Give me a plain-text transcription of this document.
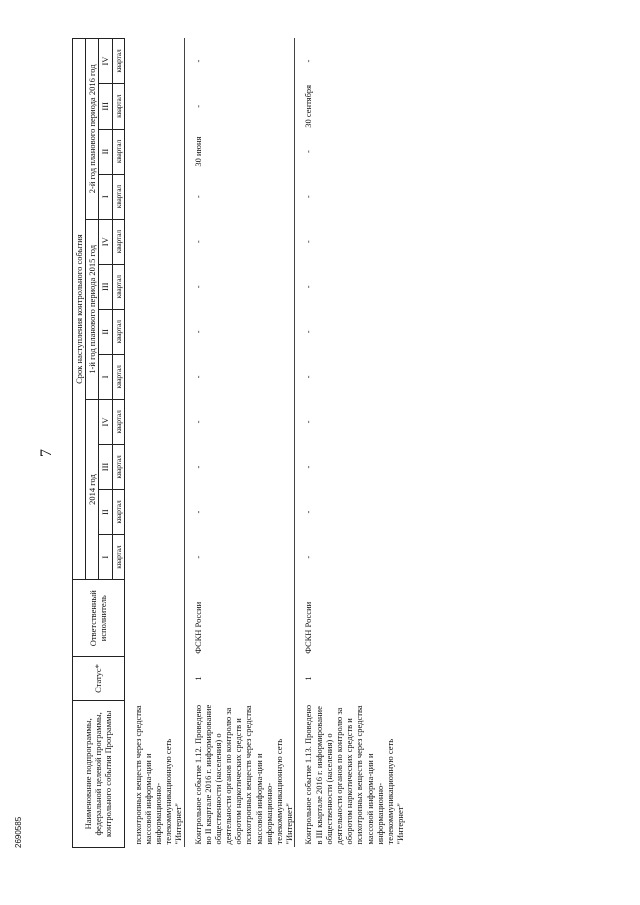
7
Наименование подпрограммы, федеральной целевой программы, контрольного события Программы	Статус*	Ответственный исполнитель	Срок наступления контрольного события											
			2014 год				1-й год планового периода 2015 год				2-й год планового периода 2016 год			
			I	II	III	IV	I	II	III	IV	I	II	III	IV
			квартал	квартал	квартал	квартал	квартал	квартал	квартал	квартал	квартал	квартал	квартал	квартал
психотропных веществ через средства массовой информа-ции и информационно-телекоммуникационную сеть "Интернет"														
Контрольное событие 1.12. Проведено во II квартале 2016 г. информирование общественности (населения) о деятельности органов по контролю за оборотом наркотических средств и психотропных веществ через средства массовой информа-ции и информационно-телекоммуникационную сеть "Интернет"	1	ФСКН России	-	-	-	-	-	-	-	-	-	30 июня	-	-
Контрольное событие 1.13. Проведено в III квартале 2016 г. информирование общественности (населения) о деятельности органов по контролю за оборотом наркотических средств и психотропных веществ через средства массовой информа-ции и информационно-телекоммуникационную сеть "Интернет"	1	ФСКН России	-	-	-	-	-	-	-	-	-	-	30 сентября	-
2690585
